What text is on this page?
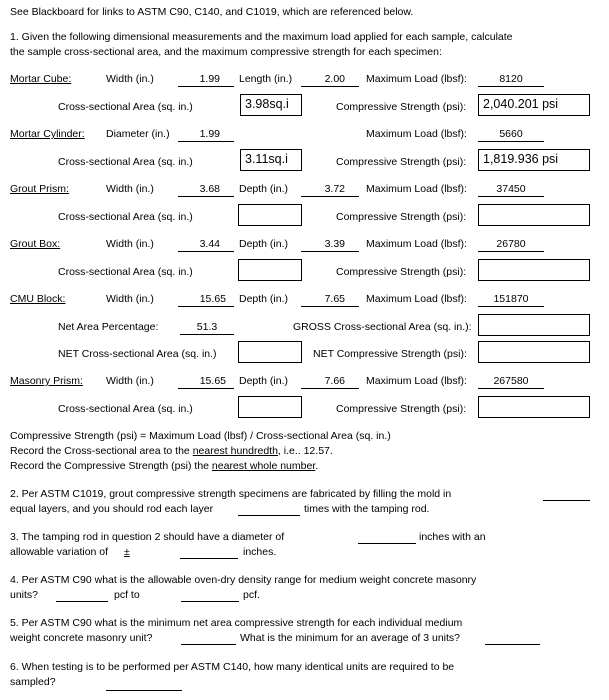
See Blackboard for links to ASTM C90, C140, and C1019, which are referenced below.
1. Given the following dimensional measurements and the maximum load applied for each sample, calculate
the sample cross-sectional area, and the maximum compressive strength for each specimen:
Mortar Cube:	Width (in.)	1.99	Length (in.)	2.00	Maximum Load (lbsf):	8120
Cross-sectional Area (sq. in.)	3.98sq.i	Compressive Strength (psi):	2,040.201 psi
Mortar Cylinder: Diameter (in.)	1.99	Maximum Load (lbsf):	5660
Cross-sectional Area (sq. in.)	3.11sq.i	Compressive Strength (psi):	1,819.936 psi
Grout Prism:	Width (in.)	3.68	Depth (in.)	3.72	Maximum Load (lbsf):	37450
Cross-sectional Area (sq. in.)	Compressive Strength (psi):
Grout Box:	Width (in.)	3.44	Depth (in.)	3.39	Maximum Load (lbsf):	26780
Cross-sectional Area (sq. in.)	Compressive Strength (psi):
CMU Block:	Width (in.)	15.65	Depth (in.)	7.65	Maximum Load (lbsf):	151870
Net Area Percentage:	51.3	GROSS Cross-sectional Area (sq. in.):
NET Cross-sectional Area (sq. in.)	NET Compressive Strength (psi):
Masonry Prism: Width (in.)	15.65	Depth (in.)	7.66	Maximum Load (lbsf):	267580
Cross-sectional Area (sq. in.)	Compressive Strength (psi):
Compressive Strength (psi) = Maximum Load (lbsf) / Cross-sectional Area (sq. in.)
Record the Cross-sectional area to the nearest hundredth, i.e.. 12.57.
Record the Compressive Strength (psi) the nearest whole number.
2. Per ASTM C1019, grout compressive strength specimens are fabricated by filling the mold in
equal layers, and you should rod each layer	times with the tamping rod.
3. The tamping rod in question 2 should have a diameter of	inches with an
allowable variation of ±	inches.
4. Per ASTM C90 what is the allowable oven-dry density range for medium weight concrete masonry
units?	pcf to	pcf.
5. Per ASTM C90 what is the minimum net area compressive strength for each individual medium
weight concrete masonry unit?	What is the minimum for an average of 3 units?
6. When testing is to be performed per ASTM C140, how many identical units are required to be
sampled?
